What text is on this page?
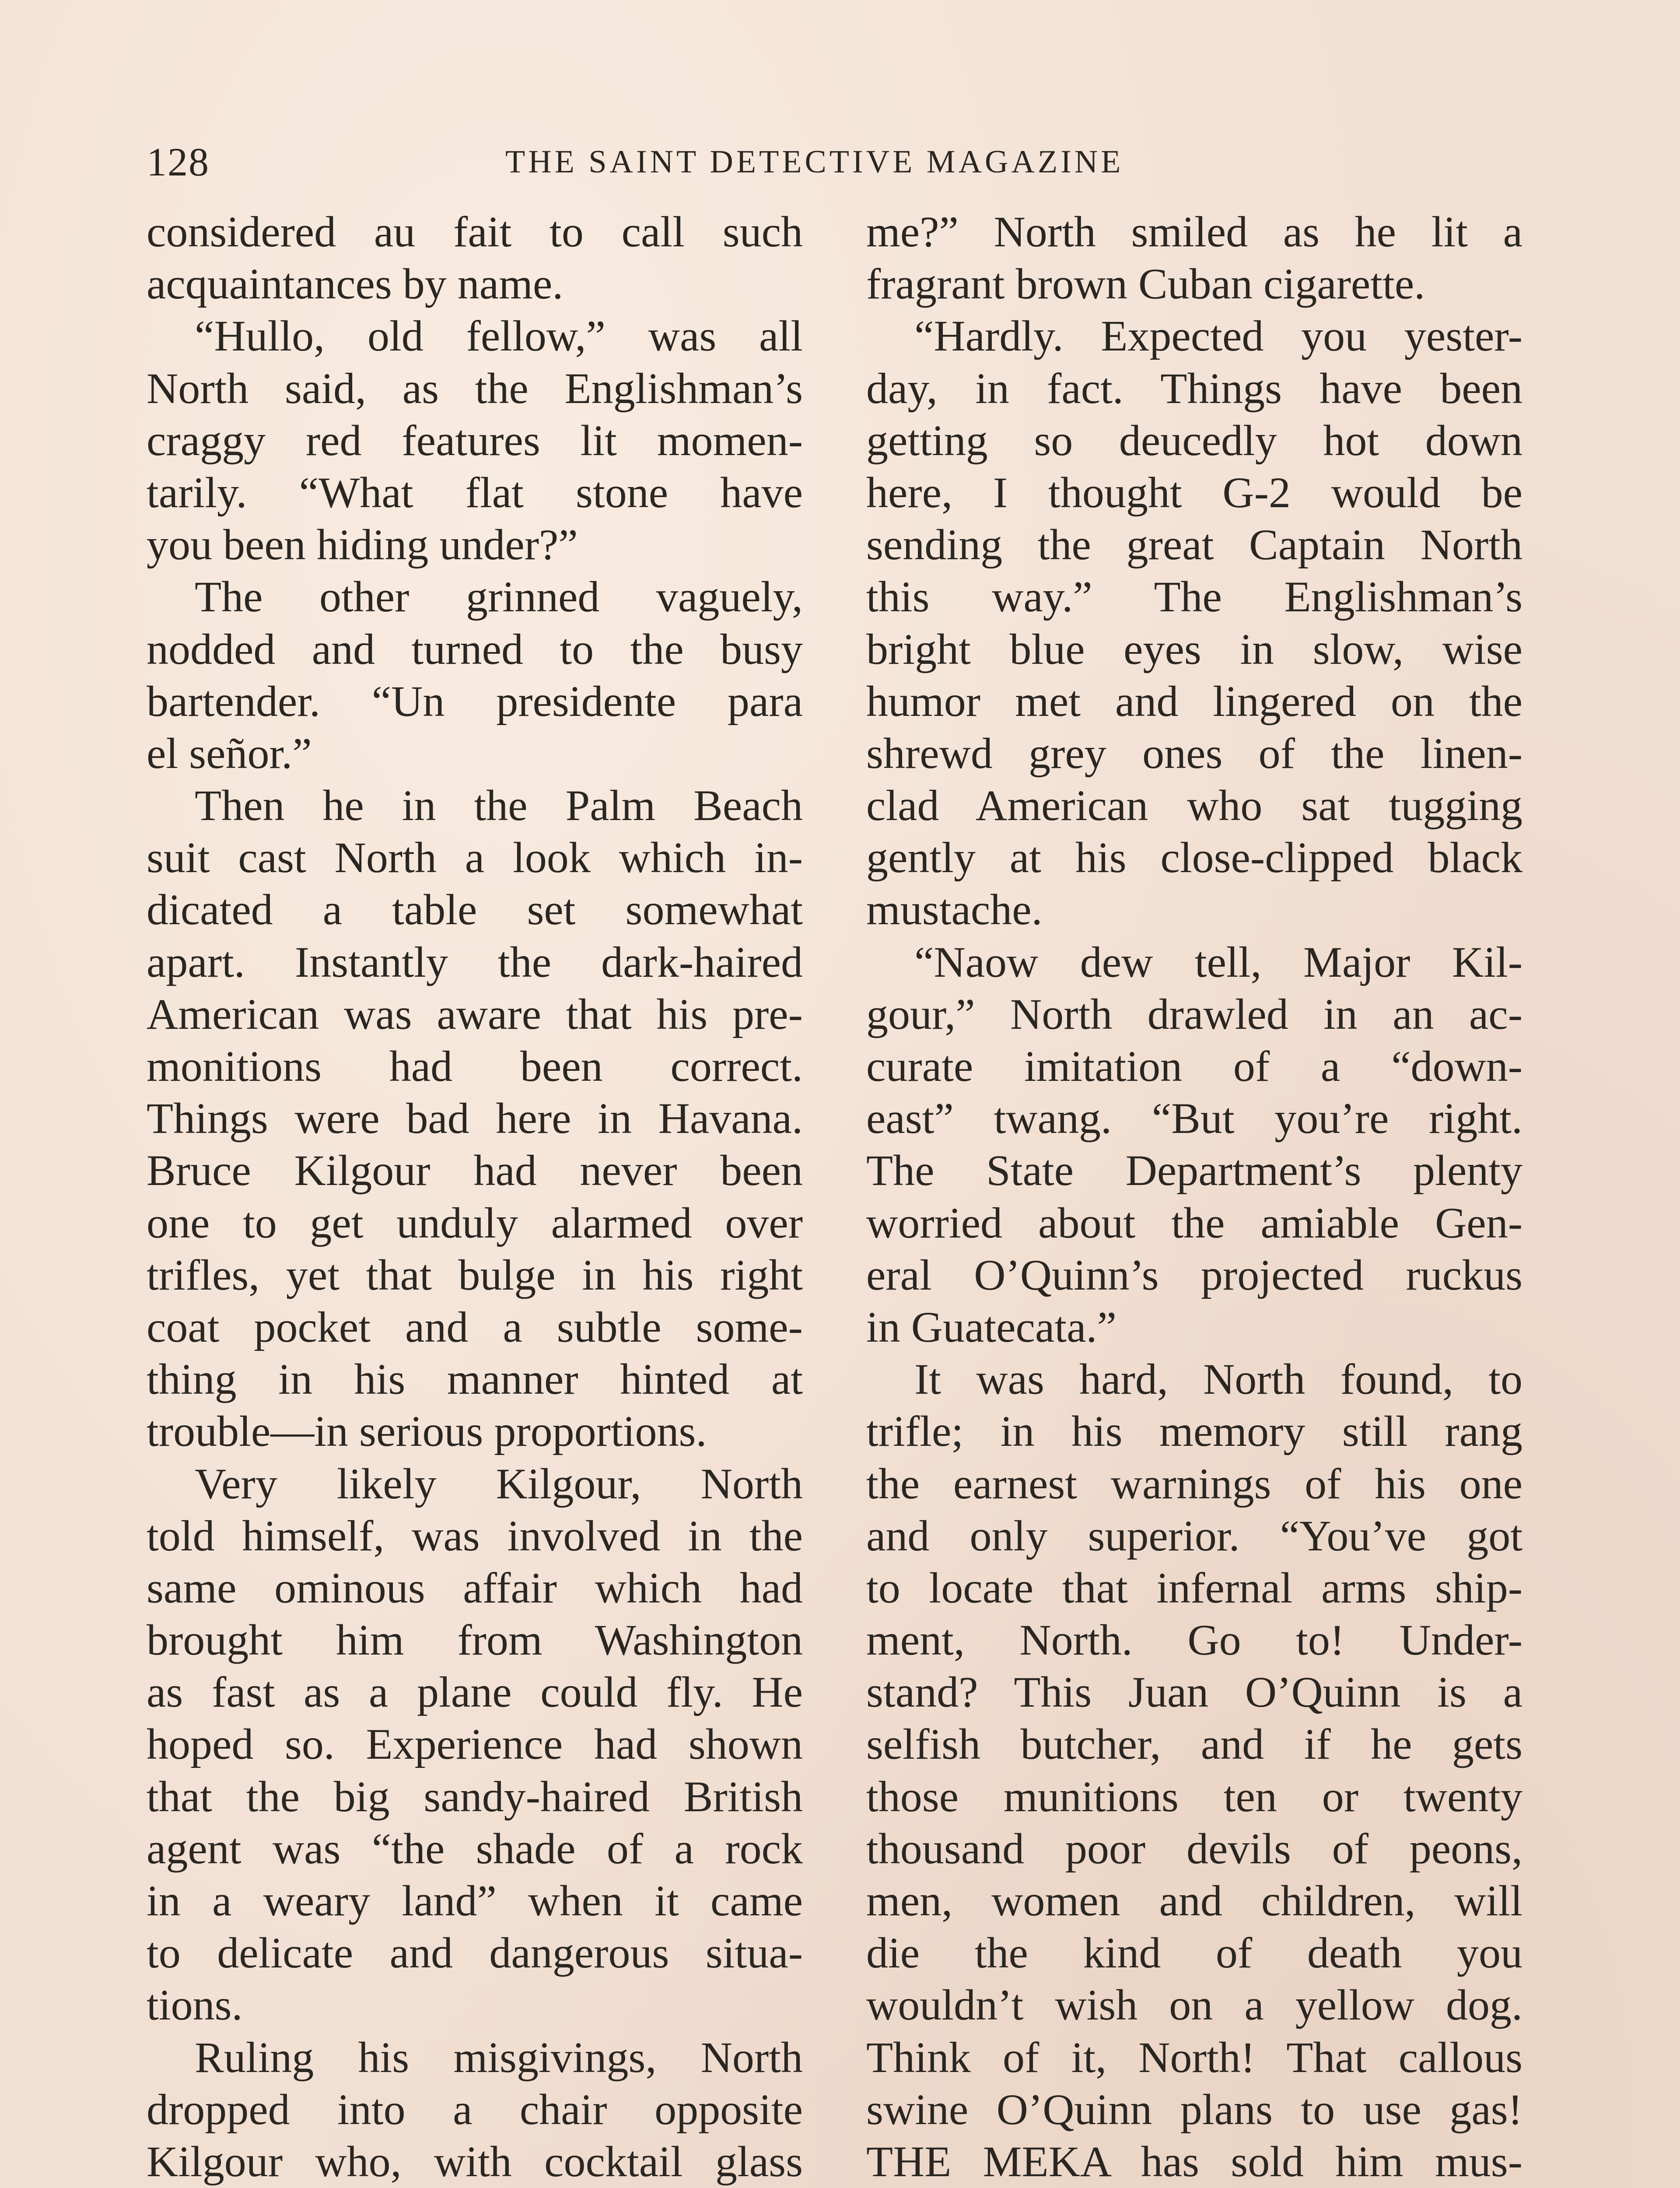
128	THE SAINT DETECTIVE MAGAZINE
considered au fait to call such
acquaintances by name.
“Hullo, old fellow,” was all
North said, as the Englishman’s
craggy red features lit momen-
tarily. “What flat stone have
you been hiding under?”
The other grinned vaguely,
nodded and turned to the busy
bartender. “Un presidente para
el señor.”
Then he in the Palm Beach
suit cast North a look which in-
dicated a table set somewhat
apart. Instantly the dark-haired
American was aware that his pre-
monitions had been correct.
Things were bad here in Havana.
Bruce Kilgour had never been
one to get unduly alarmed over
trifles, yet that bulge in his right
coat pocket and a subtle some-
thing in his manner hinted at
trouble—in serious proportions.
Very likely Kilgour, North
told himself, was involved in the
same ominous affair which had
brought him from Washington
as fast as a plane could fly. He
hoped so. Experience had shown
that the big sandy-haired British
agent was “the shade of a rock
in a weary land” when it came
to delicate and dangerous situa-
tions.
Ruling his misgivings, North
dropped into a chair opposite
Kilgour who, with cocktail glass
me?” North smiled as he lit a
fragrant brown Cuban cigarette.
“Hardly. Expected you yester-
day, in fact. Things have been
getting so deucedly hot down
here, I thought G-2 would be
sending the great Captain North
this way.” The Englishman’s
bright blue eyes in slow, wise
humor met and lingered on the
shrewd grey ones of the linen-
clad American who sat tugging
gently at his close-clipped black
mustache.
“Naow dew tell, Major Kil-
gour,” North drawled in an ac-
curate imitation of a “down-
east” twang. “But you’re right.
The State Department’s plenty
worried about the amiable Gen-
eral O’Quinn’s projected ruckus
in Guatecata.”
It was hard, North found, to
trifle; in his memory still rang
the earnest warnings of his one
and only superior. “You’ve got
to locate that infernal arms ship-
ment, North. Go to! Under-
stand? This Juan O’Quinn is a
selfish butcher, and if he gets
those munitions ten or twenty
thousand poor devils of peons,
men, women and children, will
die the kind of death you
wouldn’t wish on a yellow dog.
Think of it, North! That callous
swine O’Quinn plans to use gas!
THE MEKA has sold him mus-
